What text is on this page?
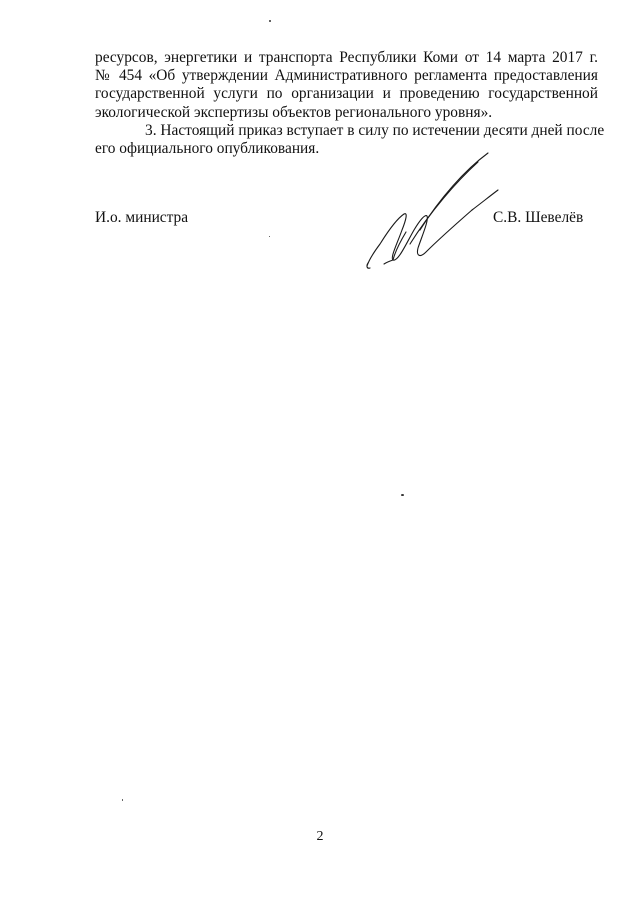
ресурсов, энергетики и транспорта Республики Коми от 14 марта 2017 г.
№ 454 «Об утверждении Административного регламента предоставления
государственной услуги по организации и проведению государственной
экологической экспертизы объектов регионального уровня».
3. Настоящий приказ вступает в силу по истечении десяти дней после
его официального опубликования.
И.о. министра	С.В. Шевелёв
2
